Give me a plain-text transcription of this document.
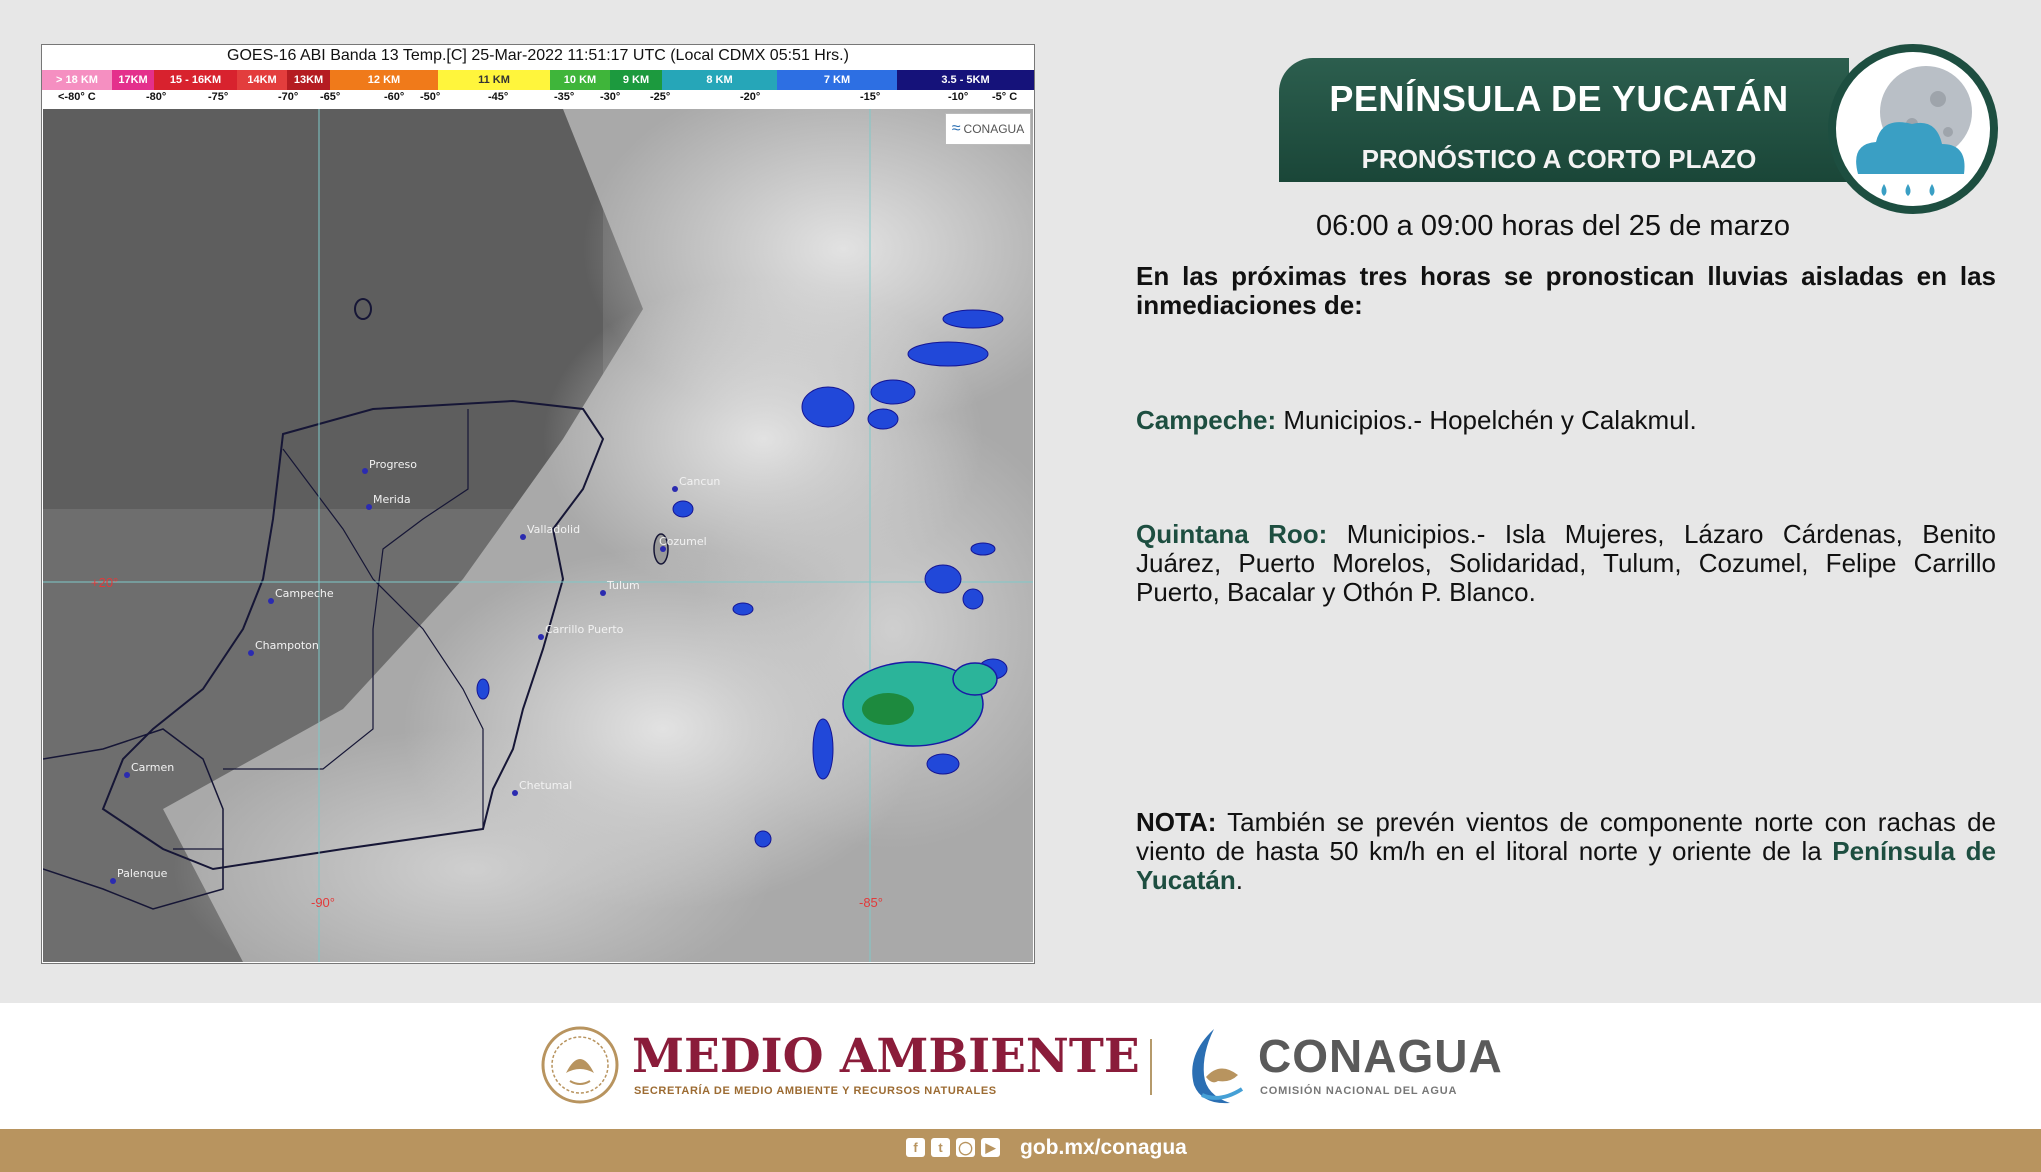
GOES-16 ABI Banda 13 Temp.[C] 25-Mar-2022 11:51:17 UTC (Local CDMX 05:51 Hrs.)
> 18 KM	17KM	15 - 16KM	14KM	13KM	12 KM	11 KM	10 KM	9 KM	8 KM	7 KM	3.5 - 5KM
<-80° C	-80°	-75°	-70° -65°	-60° -50°	-45°	-35° -30°	-25°	-20°	-15°	-10° -5° C
+20°
-90°	-85°
Progreso
Merida
Valladolid
Cancun
Cozumel
Tulum
Campeche
Champoton
Carrillo Puerto
Carmen
Chetumal
Palenque
≈ CONAGUA
PENÍNSULA DE YUCATÁN
PRONÓSTICO A CORTO PLAZO
06:00 a 09:00 horas del 25 de marzo
En las próximas tres horas se pronostican lluvias aisladas en las inmediaciones de:
Campeche: Municipios.- Hopelchén y Calakmul.
Quintana Roo: Municipios.- Isla Mujeres, Lázaro Cárdenas, Benito Juárez, Puerto Morelos, Solidaridad, Tulum, Cozumel, Felipe Carrillo Puerto, Bacalar y Othón P. Blanco.
NOTA: También se prevén vientos de componente norte con rachas de viento de hasta 50 km/h en el litoral norte y oriente de la Península de Yucatán.
MEDIO AMBIENTE
SECRETARÍA DE MEDIO AMBIENTE Y RECURSOS NATURALES
CONAGUA
COMISIÓN NACIONAL DEL AGUA
f	t	◯ ▶ gob.mx/conagua
